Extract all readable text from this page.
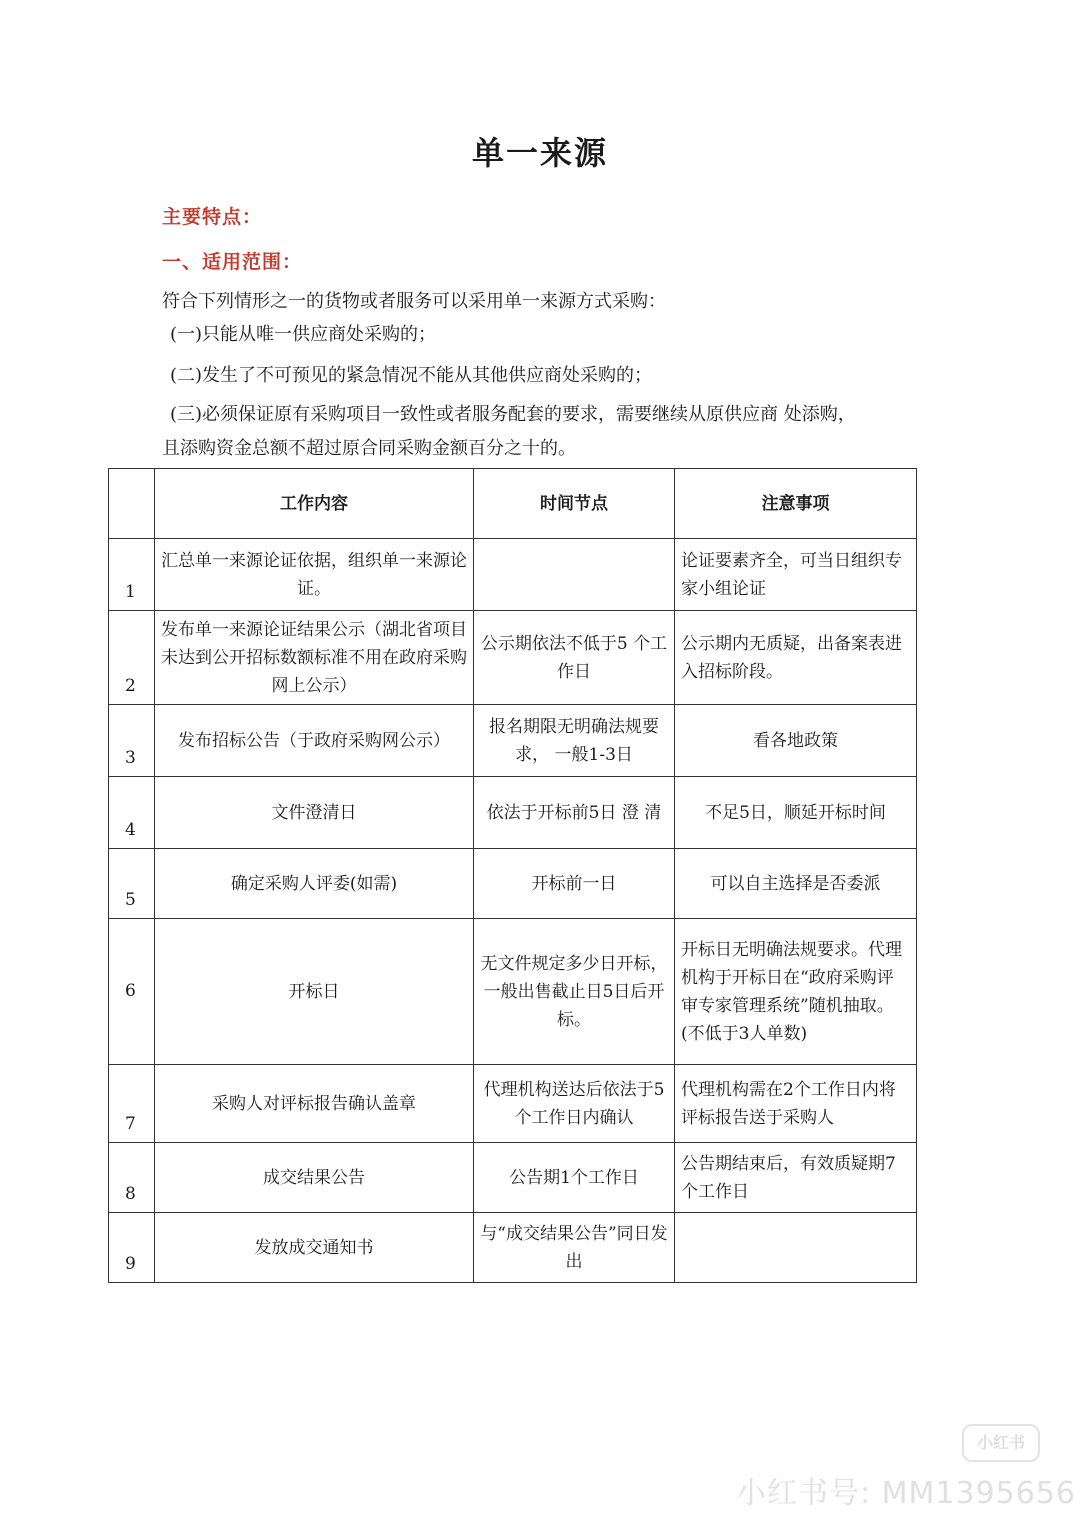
单一来源
主要特点：
一、适用范围：
符合下列情形之一的货物或者服务可以采用单一来源方式采购：
(一)只能从唯一供应商处采购的；
(二)发生了不可预见的紧急情况不能从其他供应商处采购的；
(三)必须保证原有采购项目一致性或者服务配套的要求，需要继续从原供应商 处添购，
且添购资金总额不超过原合同采购金额百分之十的。
	工作内容	时间节点	注意事项
1	汇总单一来源论证依据，组织单一来源论证。		论证要素齐全，可当日组织专家小组论证
2	发布单一来源论证结果公示（湖北省项目未达到公开招标数额标准不用在政府采购网上公示）	公示期依法不低于5 个工作日	公示期内无质疑，出备案表进入招标阶段。
3	发布招标公告（于政府采购网公示）	报名期限无明确法规要求， 一般1-3日	看各地政策
4	文件澄清日	依法于开标前5日 澄 清	不足5日，顺延开标时间
5	确定采购人评委(如需)	开标前一日	可以自主选择是否委派
6	开标日	无文件规定多少日开标， 一般出售截止日5日后开标。	开标日无明确法规要求。代理机构于开标日在“政府采购评审专家管理系统”随机抽取。(不低于3人单数)
7	采购人对评标报告确认盖章	代理机构送达后依法于5个工作日内确认	代理机构需在2个工作日内将评标报告送于采购人
8	成交结果公告	公告期1个工作日	公告期结束后，有效质疑期7个工作日
9	发放成交通知书	与“成交结果公告”同日发出	
小红书
小红书号: MM1395656
